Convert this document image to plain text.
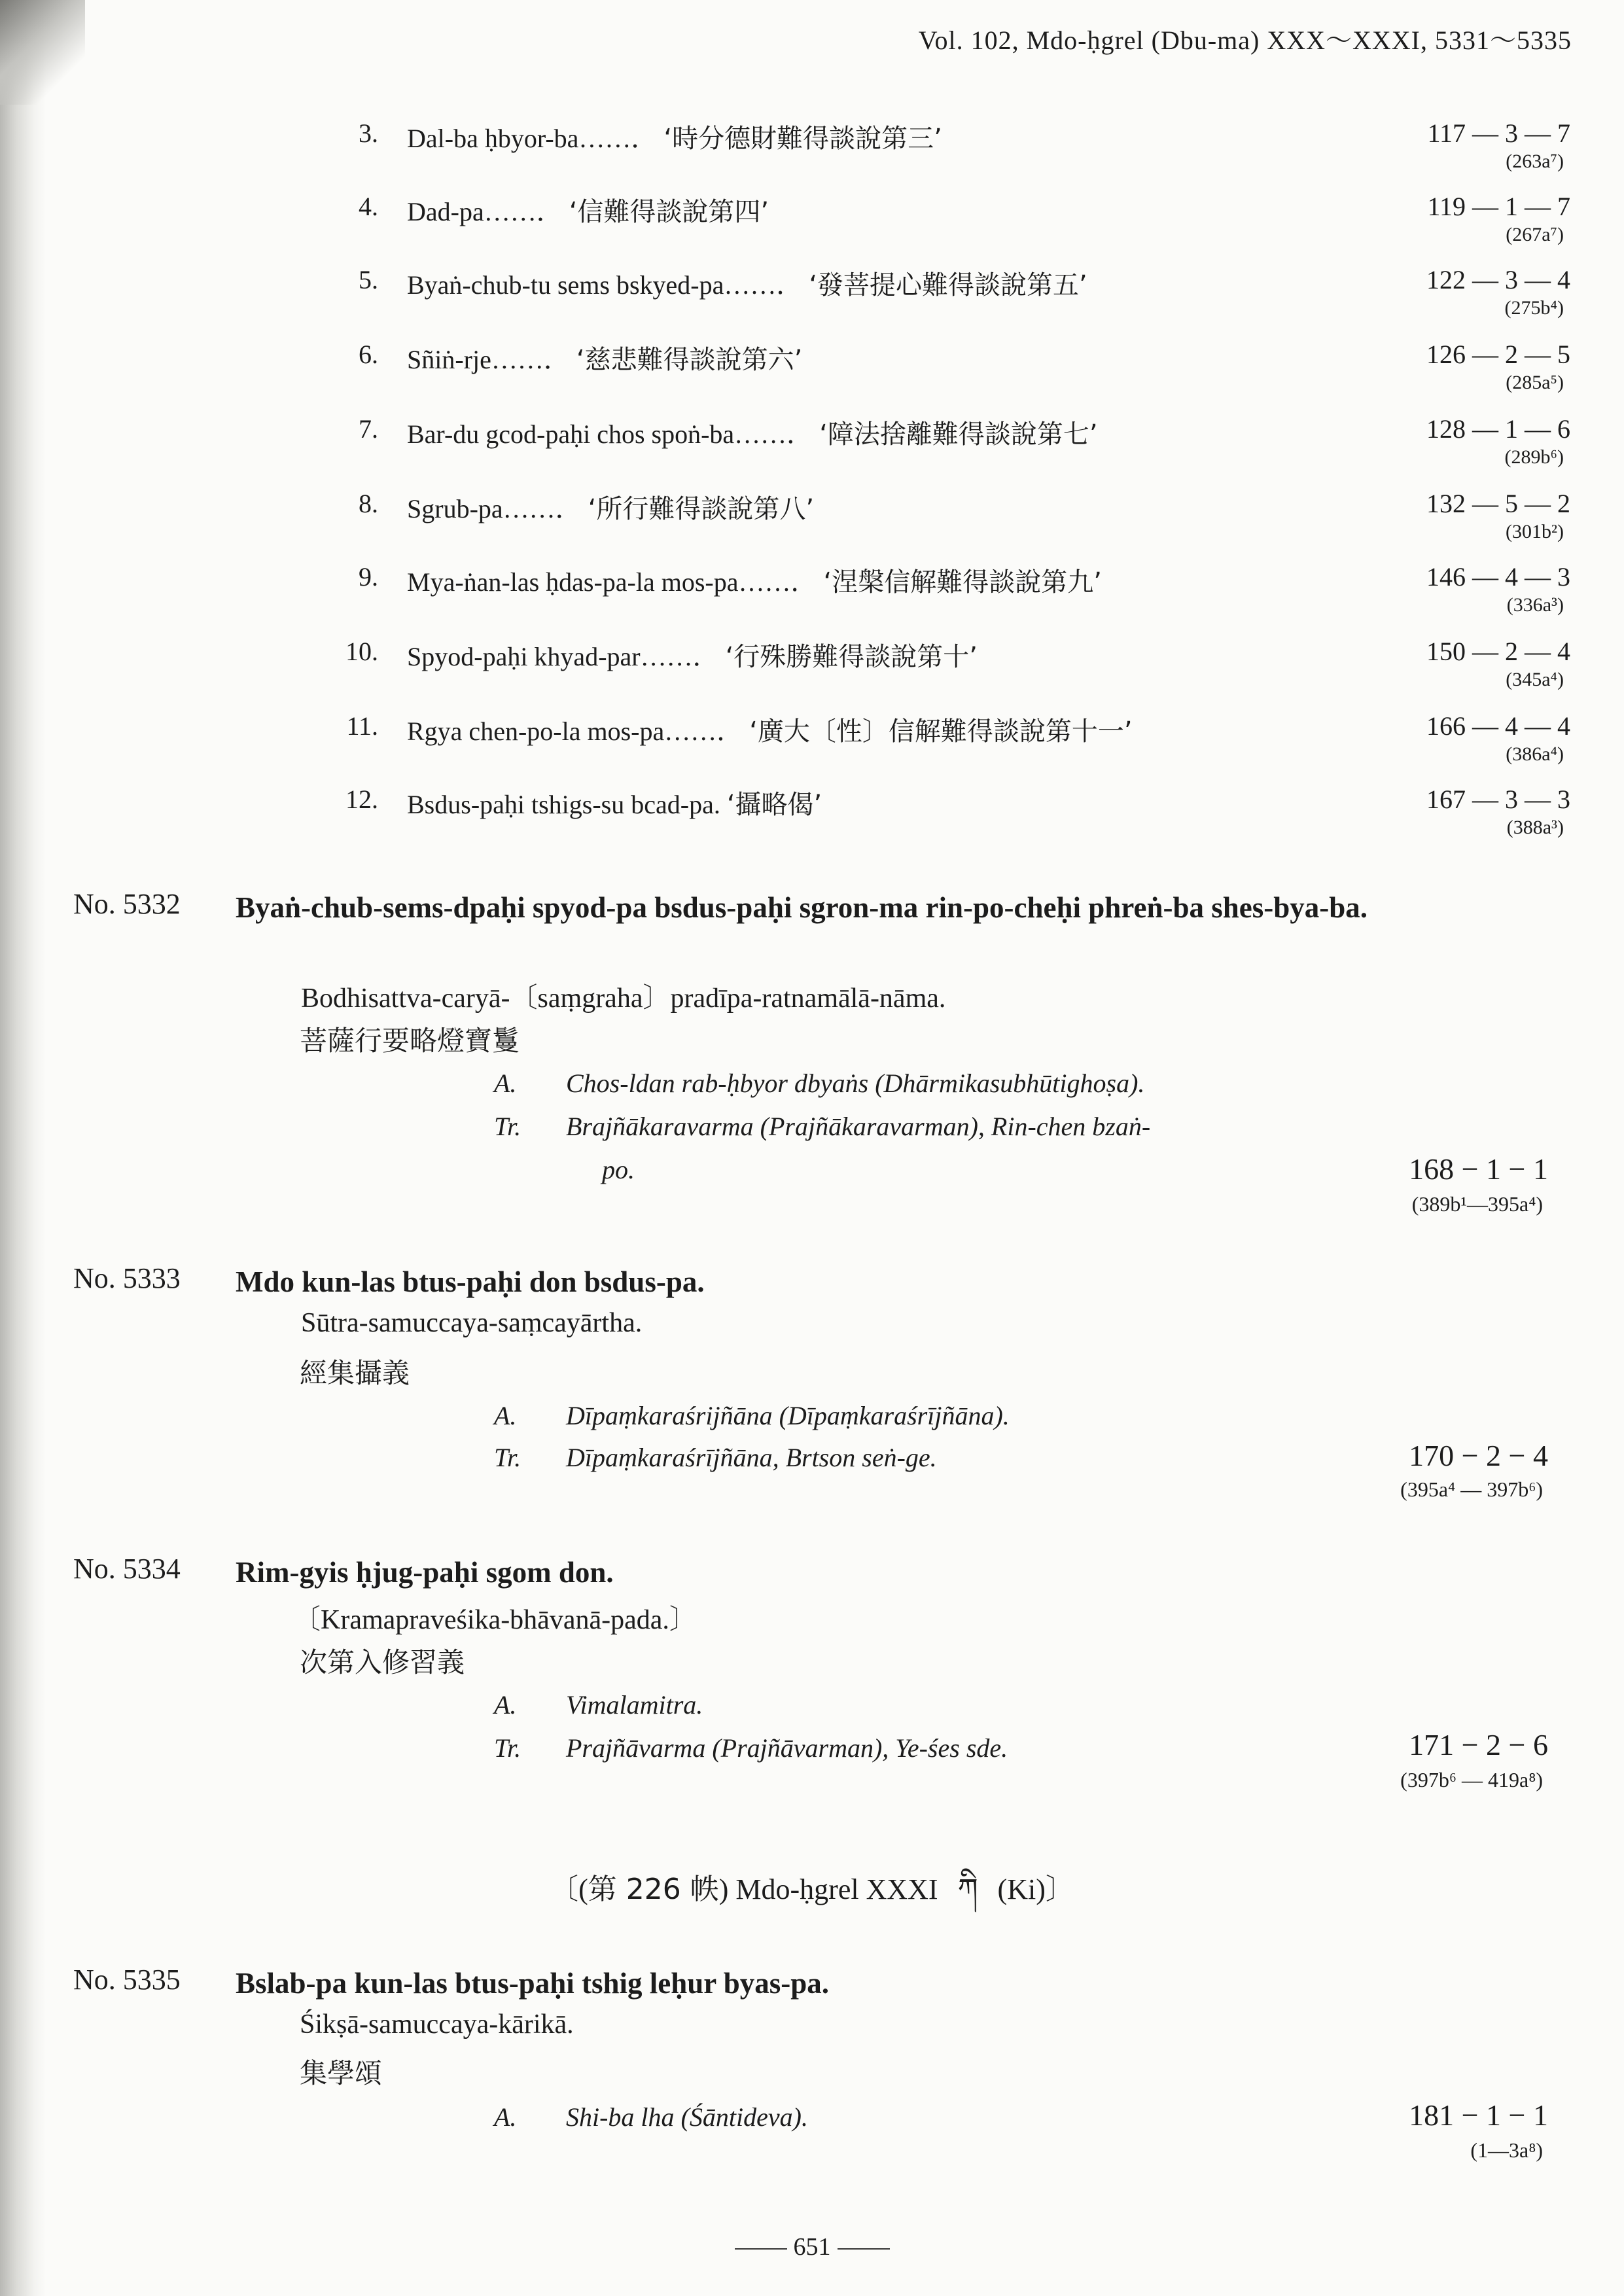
Vol. 102, Mdo-ḥgrel (Dbu-ma) XXX〜XXXI, 5331〜5335
3. Dal-ba ḥbyor-ba……． ‘時分德財難得談說第三’	117 — 3 — 7
(263a⁷)
4. Dad-pa……． ‘信難得談說第四’	119 — 1 — 7
(267a⁷)
5. Byaṅ-chub-tu sems bskyed-pa……． ‘發菩提心難得談說第五’	122 — 3 — 4
(275b⁴)
6. Sñiṅ-rje……． ‘慈悲難得談說第六’	126 — 2 — 5
(285a⁵)
7. Bar-du gcod-paḥi chos spoṅ-ba……． ‘障法捨離難得談說第七’	128 — 1 — 6
(289b⁶)
8. Sgrub-pa……． ‘所行難得談說第八’	132 — 5 — 2
(301b²)
9. Mya-ṅan-las ḥdas-pa-la mos-pa……． ‘涅槃信解難得談說第九’	146 — 4 — 3
(336a³)
10. Spyod-paḥi khyad-par……． ‘行殊勝難得談說第十’	150 — 2 — 4
(345a⁴)
11. Rgya chen-po-la mos-pa……． ‘廣大〔性〕信解難得談說第十一’	166 — 4 — 4
(386a⁴)
12. Bsdus-paḥi tshigs-su bcad-pa. ‘攝略偈’	167 — 3 — 3
(388a³)
No. 5332 Byaṅ-chub-sems-dpaḥi spyod-pa bsdus-paḥi sgron-ma rin-po-cheḥi phreṅ-ba shes-bya-ba.
Bodhisattva-caryā-〔saṃgraha〕pradīpa-ratnamālā-nāma.
菩薩行要略燈寶鬘
A. Chos-ldan rab-ḥbyor dbyaṅs (Dhārmikasubhūtighoṣa).
Tr. Brajñākaravarma (Prajñākaravarman), Rin-chen bzaṅ-
po.	168 − 1 − 1
(389b¹—395a⁴)
No. 5333 Mdo kun-las btus-paḥi don bsdus-pa.
Sūtra-samuccaya-saṃcayārtha.
經集攝義
A. Dīpaṃkaraśrijñāna (Dīpaṃkaraśrījñāna).
Tr. Dīpaṃkaraśrījñāna, Brtson seṅ-ge.	170 − 2 − 4
(395a⁴ — 397b⁶)
No. 5334 Rim-gyis ḥjug-paḥi sgom don.
〔Kramapraveśika-bhāvanā-pada.〕
次第入修習義
A. Vimalamitra.
Tr. Prajñāvarma (Prajñāvarman), Ye-śes sde.	171 − 2 − 6
(397b⁶ — 419a⁸)
〔(第 226 帙) Mdo-ḥgrel XXXI ཀི (Ki)〕
No. 5335 Bslab-pa kun-las btus-paḥi tshig leḥur byas-pa.
Śikṣā-samuccaya-kārikā.
集學頌
A. Shi-ba lha (Śāntideva).	181 − 1 − 1
(1—3a⁸)
651
